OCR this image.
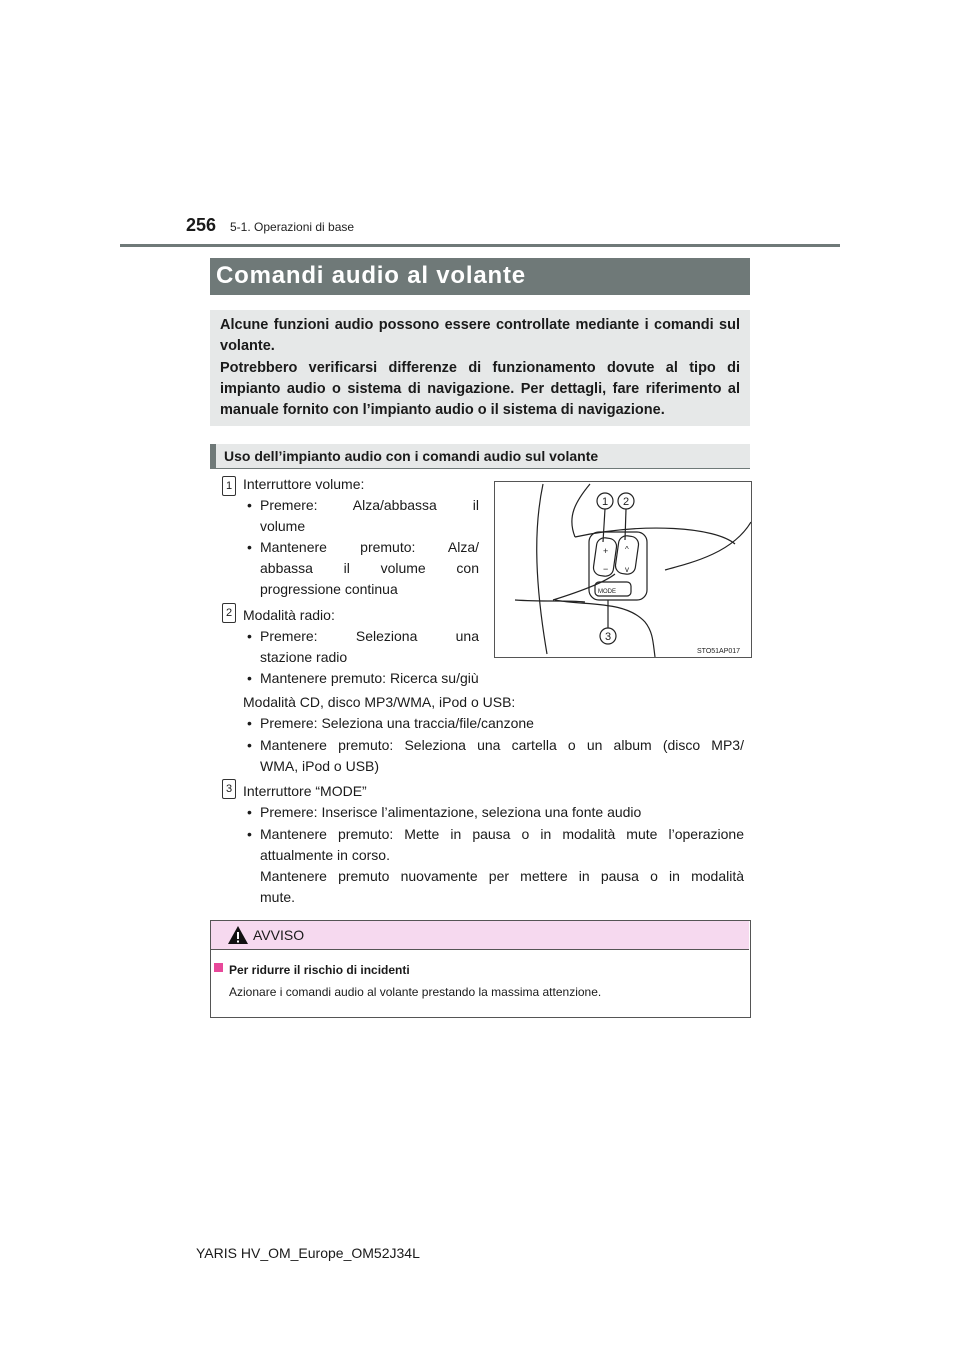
256 5-1. Operazioni di base
Comandi audio al volante

Alcune funzioni audio possono essere controllate mediante i comandi sul volante.

Potrebbero verificarsi differenze di funzionamento dovute al tipo di impianto audio o sistema di navigazione. Per dettagli, fare riferimento al manuale fornito con l’impianto audio o il sistema di navigazione.

Uso dell’impianto audio con i comandi audio sul volante
1 Interruttore volume:
• Premere: Alza/abbassa il
volume
• Mantenere premuto: Alza/
abbassa il volume con
progressione continua
2 Modalità radio:
• Premere: Seleziona una
stazione radio
• Mantenere premuto: Ricerca su/giù
Modalità CD, disco MP3/WMA, iPod o USB:
• Premere: Seleziona una traccia/file/canzone
• Mantenere premuto: Seleziona una cartella o un album (disco MP3/
WMA, iPod o USB)
3 Interruttore “MODE”
• Premere: Inserisce l’alimentazione, seleziona una fonte audio
• Mantenere premuto: Mette in pausa o in modalità mute l’operazione
attualmente in corso.
Mantenere premuto nuovamente per mettere in pausa o in modalità
mute.
MODE
+
−
^
v
STO51AP017
1 2
3
AVVISO
Per ridurre il rischio di incidenti
Azionare i comandi audio al volante prestando la massima attenzione.
YARIS HV_OM_Europe_OM52J34L
